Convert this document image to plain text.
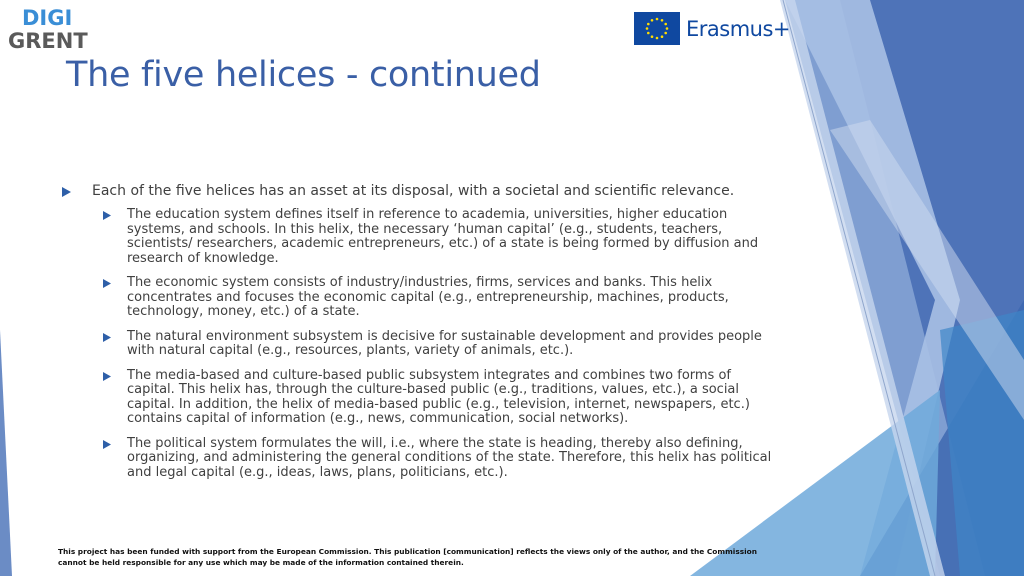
DIGI
GRENT	Erasmus+
The five helices - continued
Each of the five helices has an asset at its disposal, with a societal and scientific relevance.
The education system defines itself in reference to academia, universities, higher education systems, and schools. In this helix, the necessary ‘human capital’ (e.g., students, teachers, scientists/ researchers, academic entrepreneurs, etc.) of a state is being formed by diffusion and research of knowledge.
The economic system consists of industry/industries, firms, services and banks. This helix concentrates and focuses the economic capital (e.g., entrepreneurship, machines, products, technology, money, etc.) of a state.
The natural environment subsystem is decisive for sustainable development and provides people with natural capital (e.g., resources, plants, variety of animals, etc.).
The media-based and culture-based public subsystem integrates and combines two forms of capital. This helix has, through the culture-based public (e.g., traditions, values, etc.), a social capital. In addition, the helix of media-based public (e.g., television, internet, newspapers, etc.) contains capital of information (e.g., news, communication, social networks).
The political system formulates the will, i.e., where the state is heading, thereby also defining, organizing, and administering the general conditions of the state. Therefore, this helix has political and legal capital (e.g., ideas, laws, plans, politicians, etc.).
This project has been funded with support from the European Commission. This publication [communication] reflects the views only of the author, and the Commission cannot be held responsible for any use which may be made of the information contained therein.
